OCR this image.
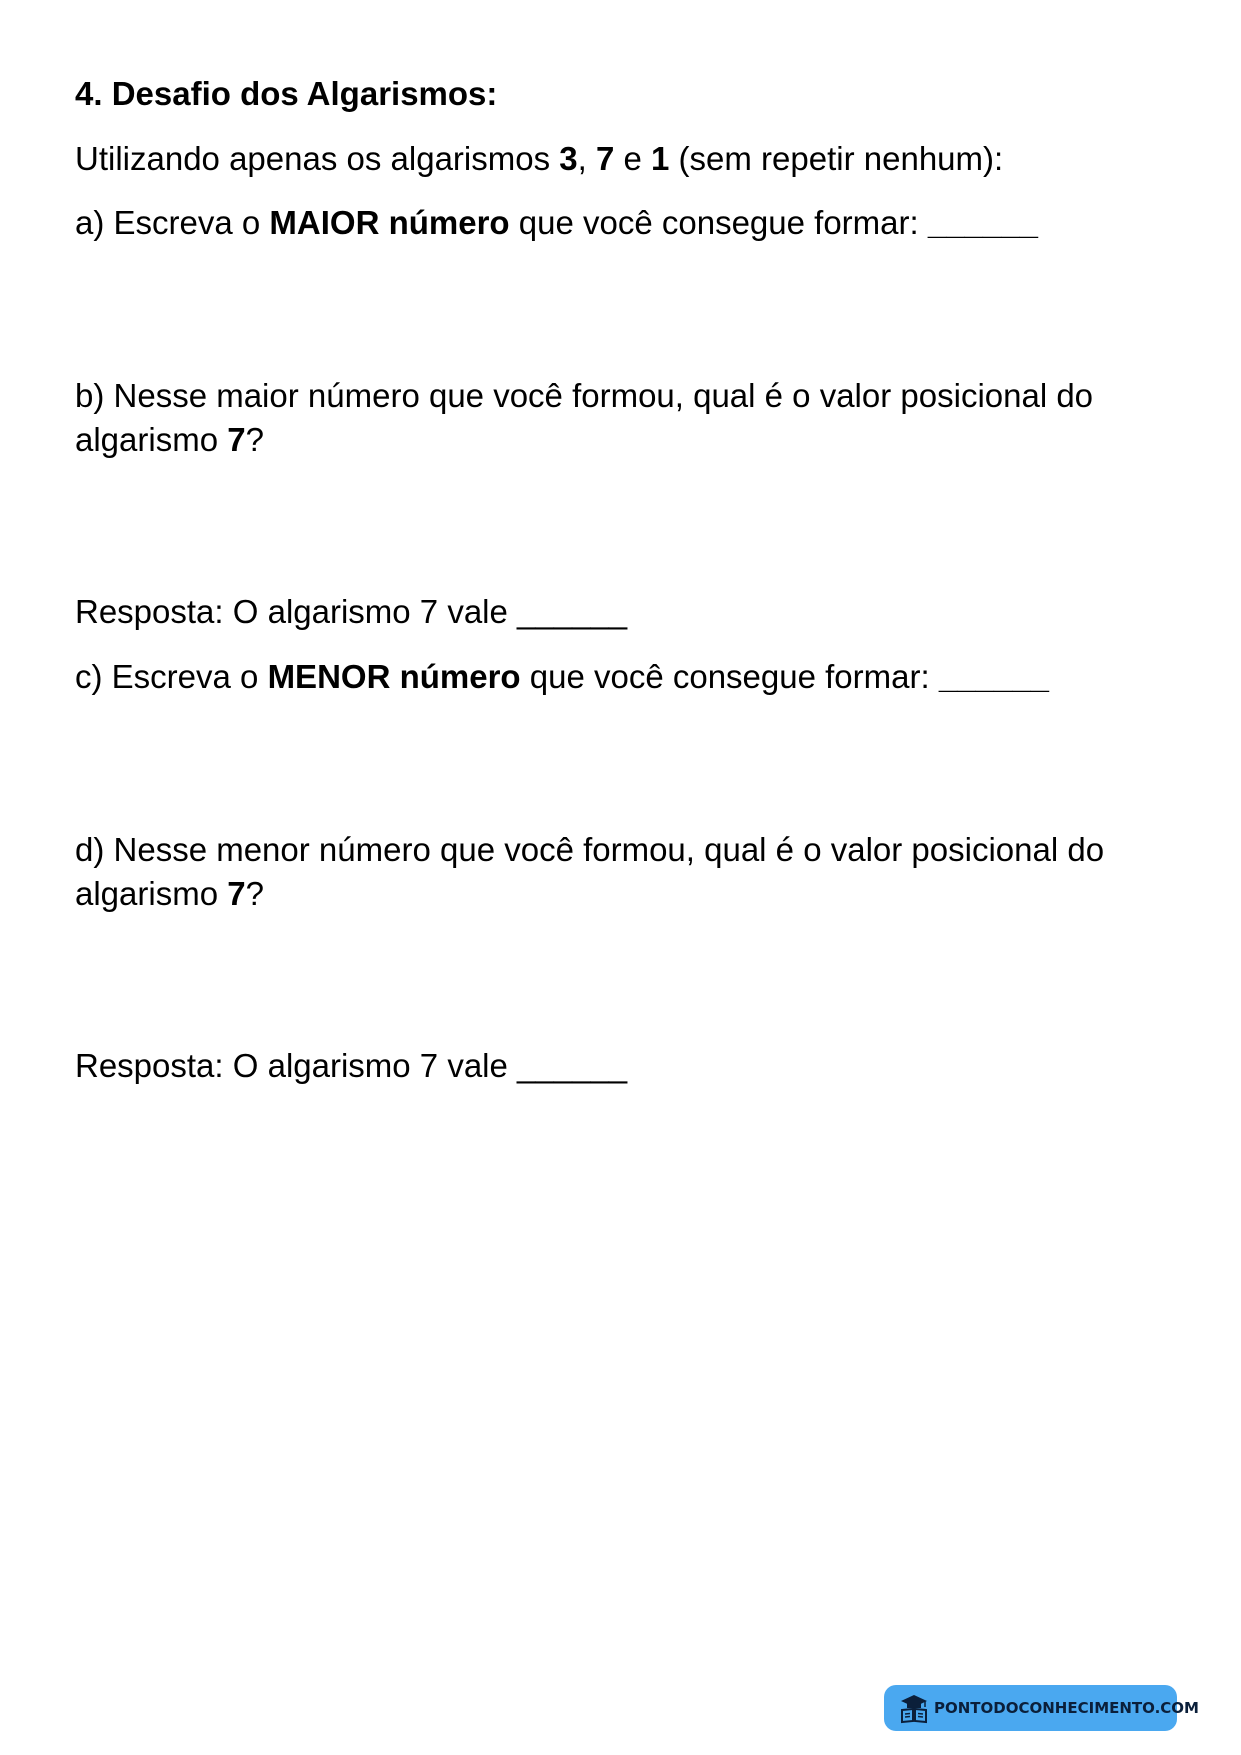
4. Desafio dos Algarismos:

Utilizando apenas os algarismos 3, 7 e 1 (sem repetir nenhum):

a) Escreva o MAIOR número que você consegue formar: ______

b) Nesse maior número que você formou, qual é o valor posicional do

algarismo 7?

Resposta: O algarismo 7 vale ______

c) Escreva o MENOR número que você consegue formar: ______

d) Nesse menor número que você formou, qual é o valor posicional do

algarismo 7?

Resposta: O algarismo 7 vale ______

PONTODOCONHECIMENTO.COM
